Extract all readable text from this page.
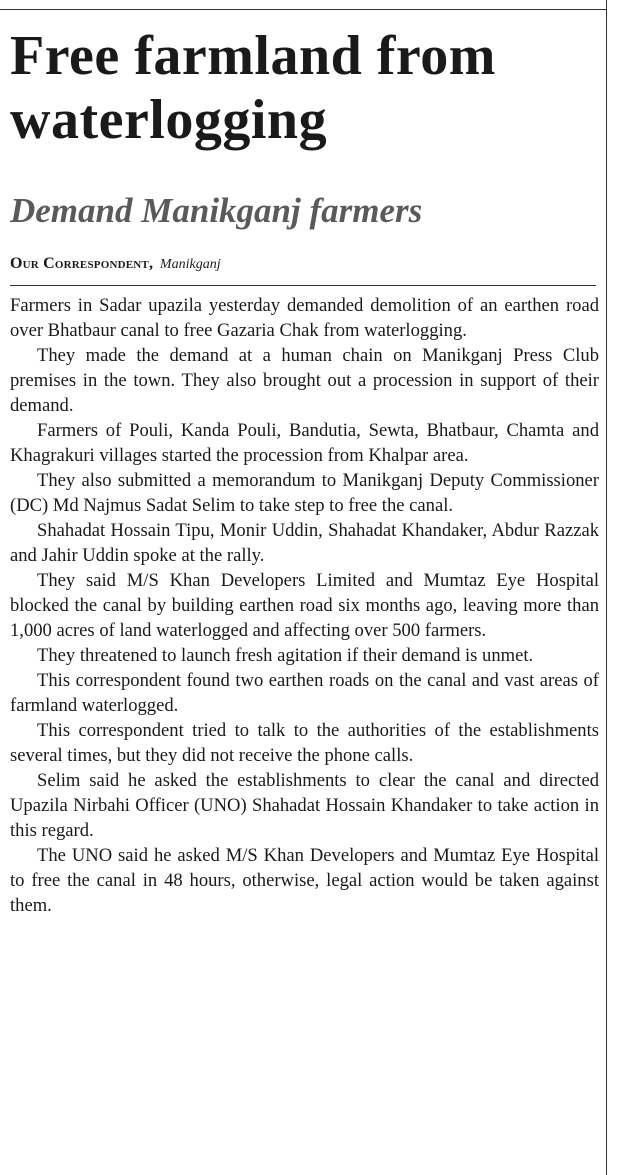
Free farmland from waterlogging
Demand Manikganj farmers
Our Correspondent, Manikganj

Farmers in Sadar upazila yesterday demanded demolition of an earthen road over Bhatbaur canal to free Gazaria Chak from waterlogging.

They made the demand at a human chain on Manikganj Press Club premises in the town. They also brought out a procession in support of their demand.

Farmers of Pouli, Kanda Pouli, Bandutia, Sewta, Bhatbaur, Chamta and Khagrakuri villages started the procession from Khalpar area.

They also submitted a memorandum to Manikganj Deputy Commissioner (DC) Md Najmus Sadat Selim to take step to free the canal.

Shahadat Hossain Tipu, Monir Uddin, Shahadat Khandaker, Abdur Razzak and Jahir Uddin spoke at the rally.

They said M/S Khan Developers Limited and Mumtaz Eye Hospital blocked the canal by building earthen road six months ago, leaving more than 1,000 acres of land waterlogged and affecting over 500 farmers.

They threatened to launch fresh agitation if their demand is unmet.

This correspondent found two earthen roads on the canal and vast areas of farmland waterlogged.

This correspondent tried to talk to the authorities of the establishments several times, but they did not receive the phone calls.

Selim said he asked the establishments to clear the canal and directed Upazila Nirbahi Officer (UNO) Shahadat Hossain Khandaker to take action in this regard.

The UNO said he asked M/S Khan Developers and Mumtaz Eye Hospital to free the canal in 48 hours, otherwise, legal action would be taken against them.
